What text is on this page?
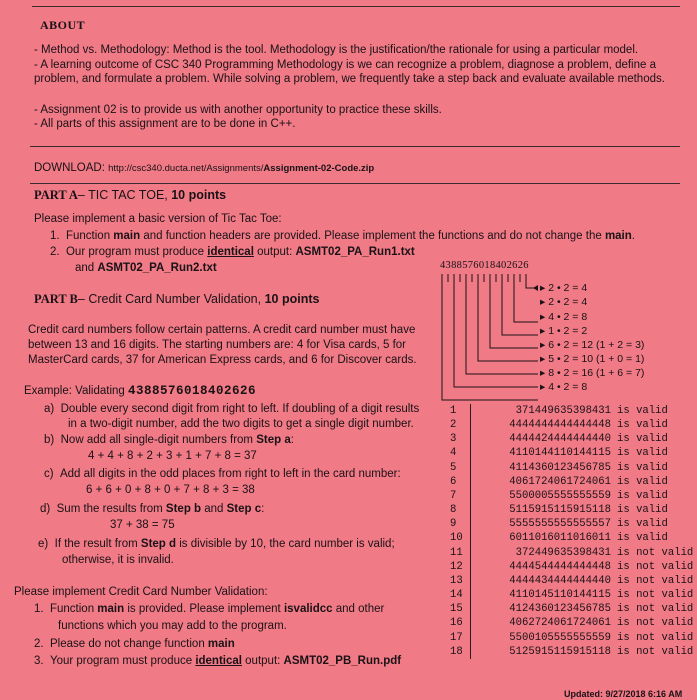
ABOUT
- Method vs. Methodology: Method is the tool. Methodology is the justification/the rationale for using a particular model.
- A learning outcome of CSC 340 Programming Methodology is we can recognize a problem, diagnose a problem, define a problem, and formulate a problem. While solving a problem, we frequently take a step back and evaluate available methods.
- Assignment 02 is to provide us with another opportunity to practice these skills.
- All parts of this assignment are to be done in C++.
DOWNLOAD: http://csc340.ducta.net/Assignments/Assignment-02-Code.zip
PART A– TIC TAC TOE, 10 points
Please implement a basic version of Tic Tac Toe:
1.  Function main and function headers are provided. Please implement the functions and do not change the main.
2.  Our program must produce identical output: ASMT02_PA_Run1.txt
and ASMT02_PA_Run2.txt	4388576018402626
▸ 2 • 2 = 4
▸ 2 • 2 = 4
▸ 4 • 2 = 8
▸ 1 • 2 = 2
▸ 6 • 2 = 12 (1 + 2 = 3)
▸ 5 • 2 = 10 (1 + 0 = 1)
▸ 8 • 2 = 16 (1 + 6 = 7)
▸ 4 • 2 = 8
PART B– Credit Card Number Validation, 10 points
Credit card numbers follow certain patterns. A credit card number must have
between 13 and 16 digits. The starting numbers are: 4 for Visa cards, 5 for
MasterCard cards, 37 for American Express cards, and 6 for Discover cards.
Example: Validating 4388576018402626
a) Double every second digit from right to left. If doubling of a digit results
in a two-digit number, add the two digits to get a single digit number.
b) Now add all single-digit numbers from Step a:
4 + 4 + 8 + 2 + 3 + 1 + 7 + 8 = 37
c) Add all digits in the odd places from right to left in the card number:
6 + 6 + 0 + 8 + 0 + 7 + 8 + 3 = 38
d) Sum the results from Step b and Step c:
37 + 38 = 75
e) If the result from Step d is divisible by 10, the card number is valid;
otherwise, it is invalid.
Please implement Credit Card Number Validation:
1.  Function main is provided. Please implement isvalidcc and other
functions which you may add to the program.
2.  Please do not change function main
3.  Your program must produce identical output: ASMT02_PB_Run.pdf
1	371449635398431 is valid
2	4444444444444448 is valid
3	4444424444444440 is valid
4	4110144110144115 is valid
5	4114360123456785 is valid
6	4061724061724061 is valid
7	5500005555555559 is valid
8	5115915115915118 is valid
9	5555555555555557 is valid
10	6011016011016011 is valid
11	372449635398431 is not valid
12	4444544444444448 is not valid
13	4444434444444440 is not valid
14	4110145110144115 is not valid
15	4124360123456785 is not valid
16	4062724061724061 is not valid
17	5500105555555559 is not valid
18	5125915115915118 is not valid
Updated: 9/27/2018 6:16 AM
